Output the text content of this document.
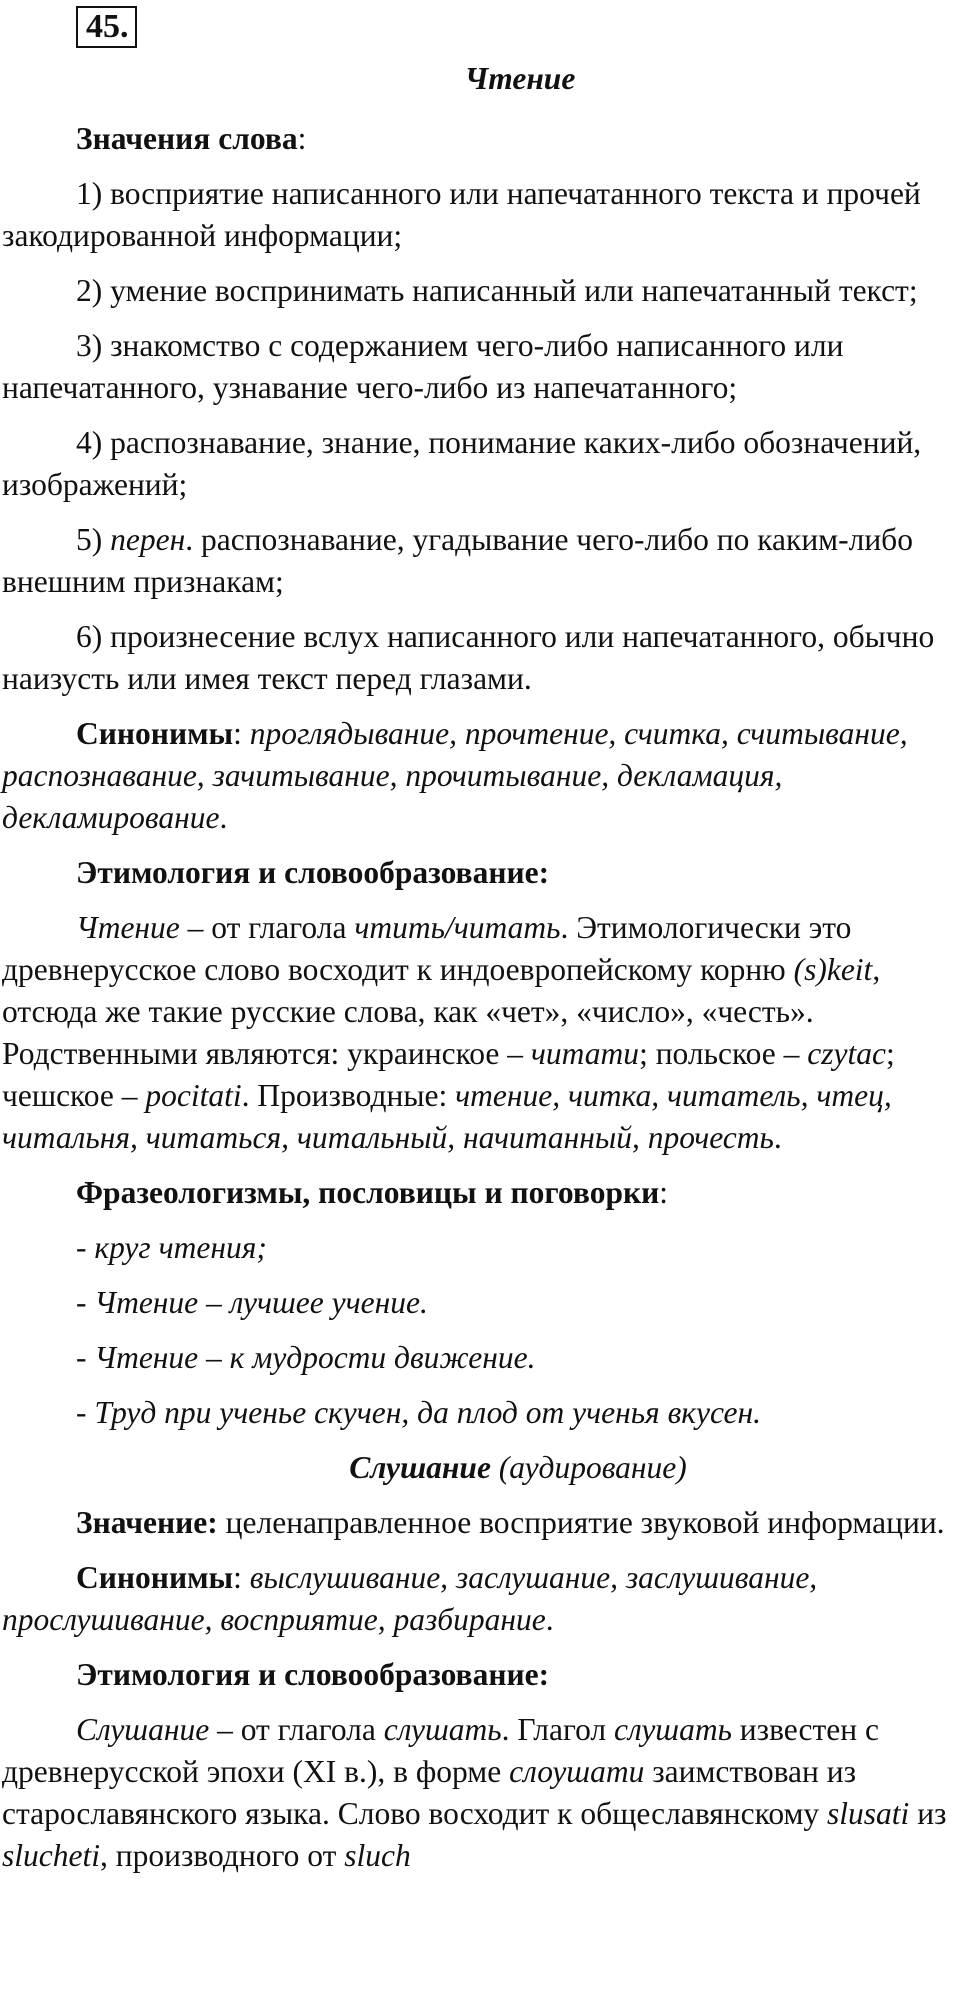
45.
Чтение

Значения слова:

1) восприятие написанного или напечатанного текста и прочей закодированной информации;

2) умение воспринимать написанный или напечатанный текст;

3) знакомство с содержанием чего-либо написанного или напечатанного, узнавание чего-либо из напечатанного;

4) распознавание, знание, понимание каких-либо обозначений, изображений;

5) перен. распознавание, угадывание чего-либо по каким-либо внешним признакам;

6) произнесение вслух написанного или напечатанного, обычно наизусть или имея текст перед глазами.

Синонимы: проглядывание, прочтение, считка, считывание, распознавание, зачитывание, прочитывание, декламация, декламирование.

Этимология и словообразование:

Чтение – от глагола чтить/читать. Этимологически это древнерусское слово восходит к индоевропейскому корню (s)keit, отсюда же такие русские слова, как «чет», «число», «честь». Родственными являются: украинское – читати; польское – czytac; чешское – pocitati. Производные: чтение, читка, читатель, чтец, читальня, читаться, читальный, начитанный, прочесть.

Фразеологизмы, пословицы и поговорки:

- круг чтения;
- Чтение – лучшее учение.
- Чтение – к мудрости движение.
- Труд при ученье скучен, да плод от ученья вкусен.

Слушание (аудирование)

Значение: целенаправленное восприятие звуковой информации.

Синонимы: выслушивание, заслушание, заслушивание, прослушивание, восприятие, разбирание.

Этимология и словообразование:

Слушание – от глагола слушать. Глагол слушать известен с древнерусской эпохи (XI в.), в форме слоушати заимствован из старославянского языка. Слово восходит к общеславянскому slusati из slucheti, производного от sluch
